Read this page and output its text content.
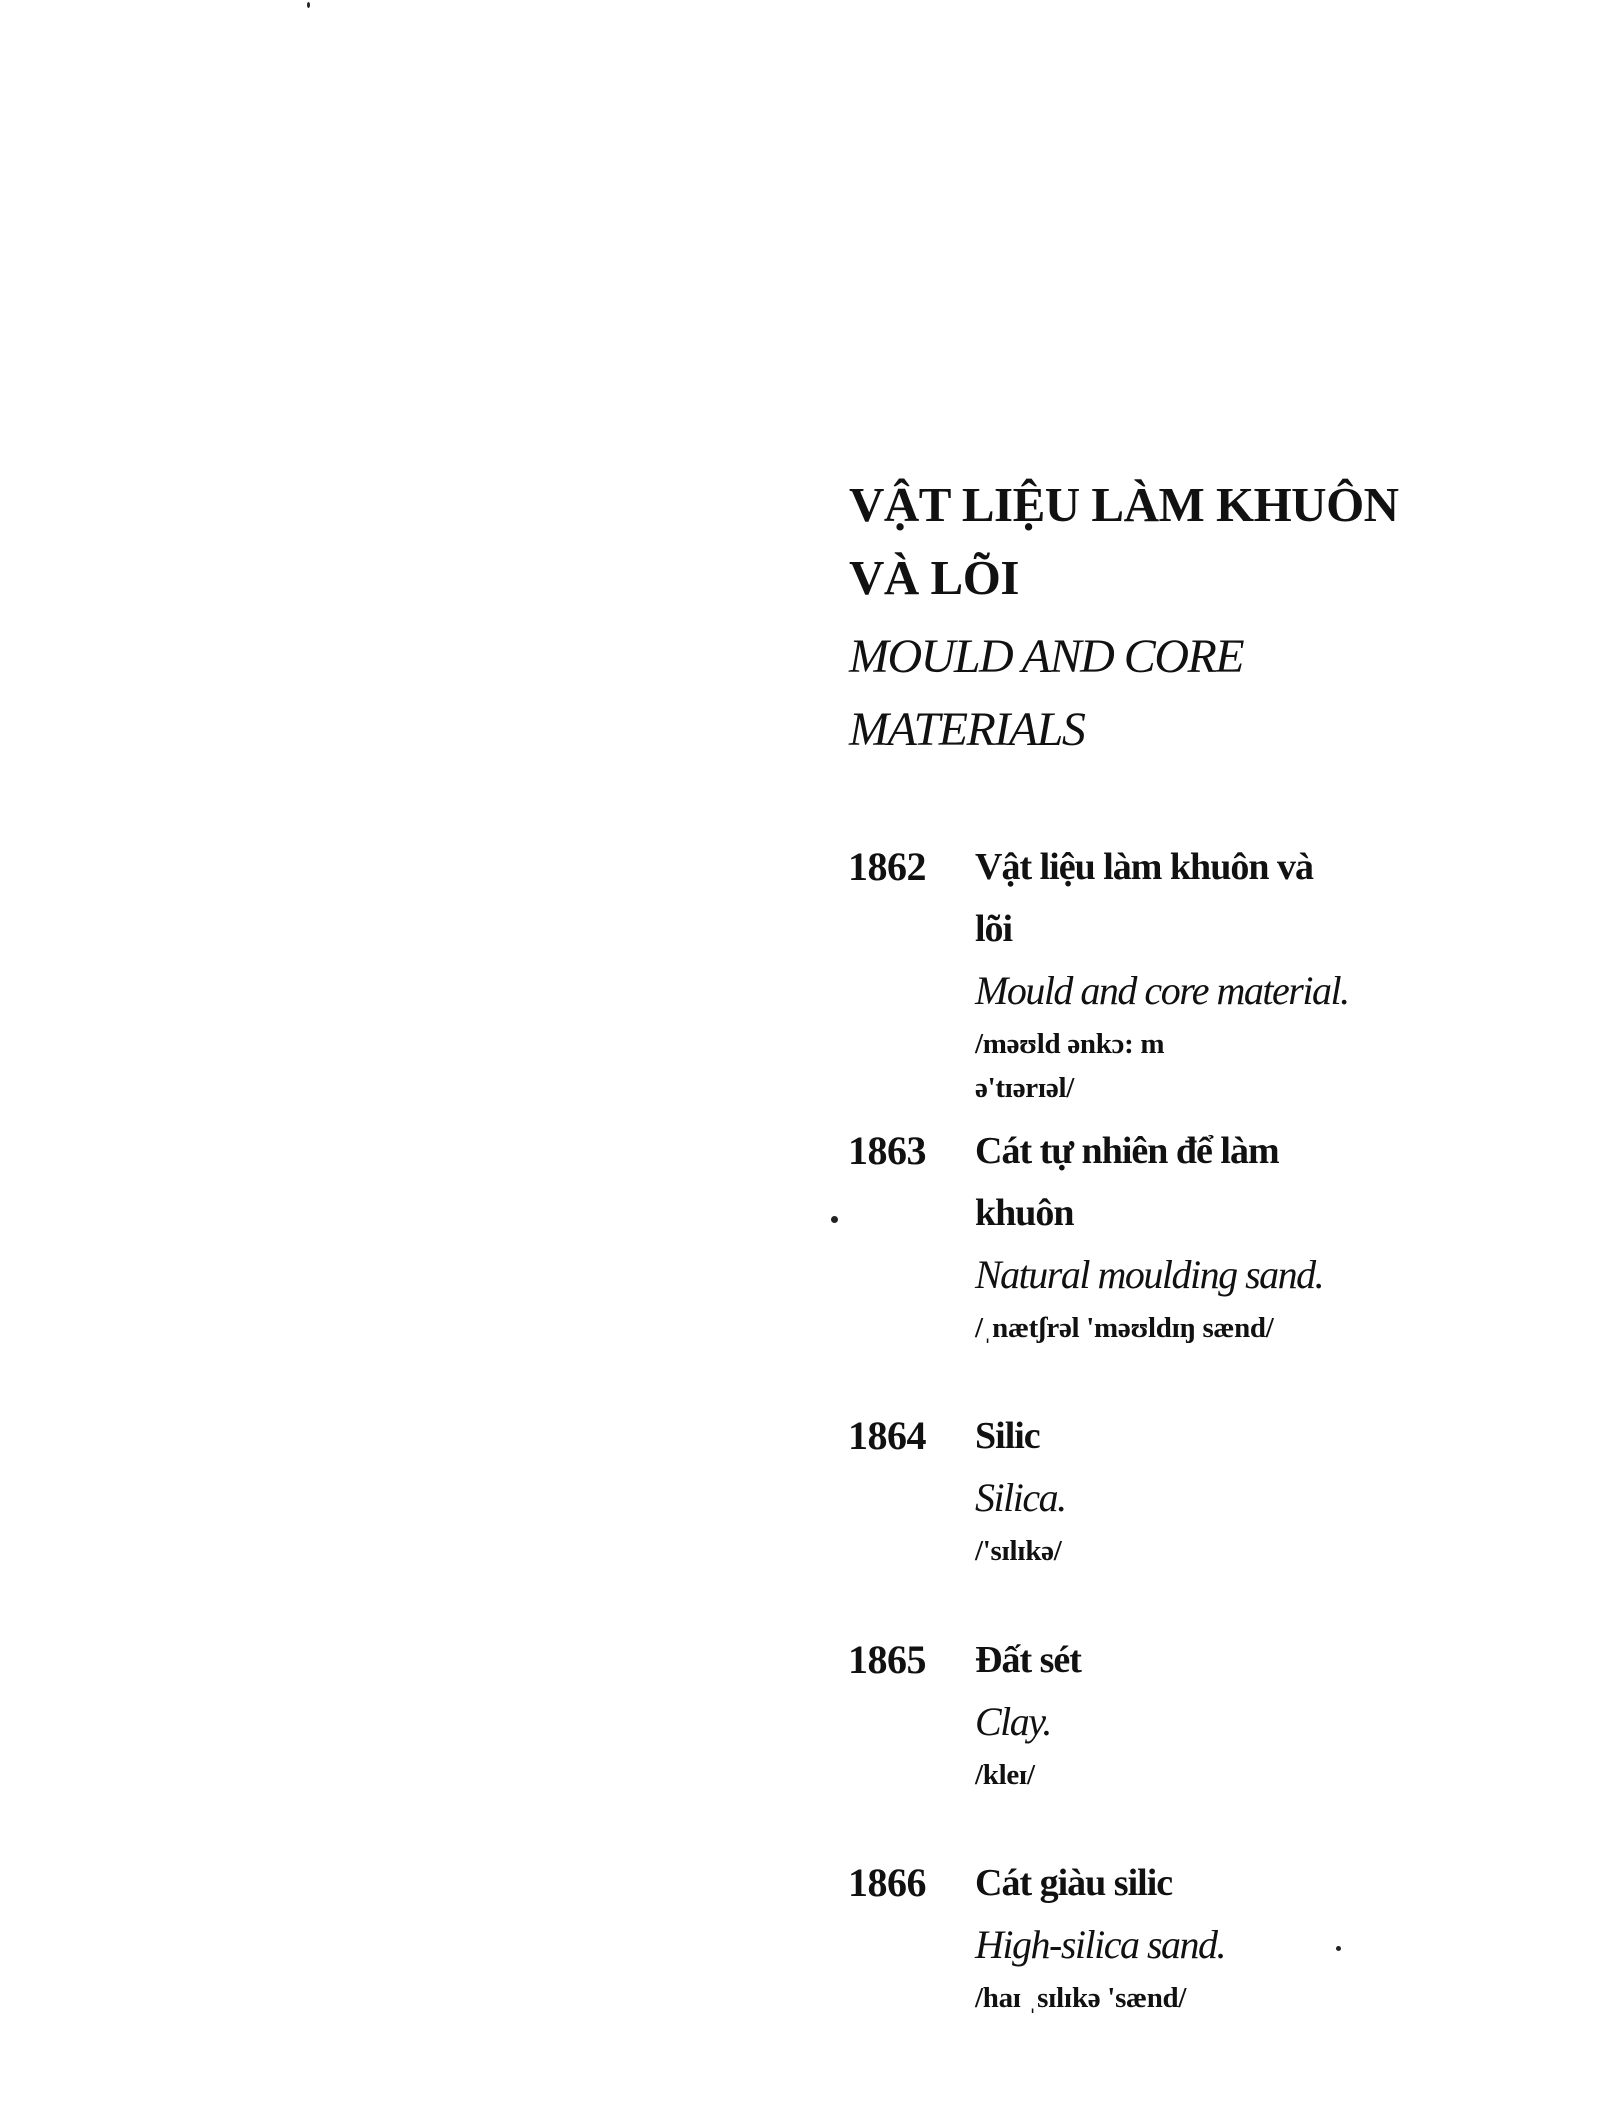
VẬT LIỆU LÀM KHUÔN
VÀ LÕI

MOULD AND CORE
MATERIALS

1862 Vật liệu làm khuôn và
lõi

Mould and core material.

/məʊld ənkɔ: m
ə'tɪərɪəl/

1863 Cát tự nhiên để làm
khuôn

Natural moulding sand.

/ˌnætʃrəl 'məʊldɪŋ sænd/

1864 Silic

Silica.

/'sɪlɪkə/

1865 Đất sét

Clay.

/kleɪ/

1866 Cát giàu silic

High-silica sand.

/haɪ ˌsɪlɪkə 'sænd/
